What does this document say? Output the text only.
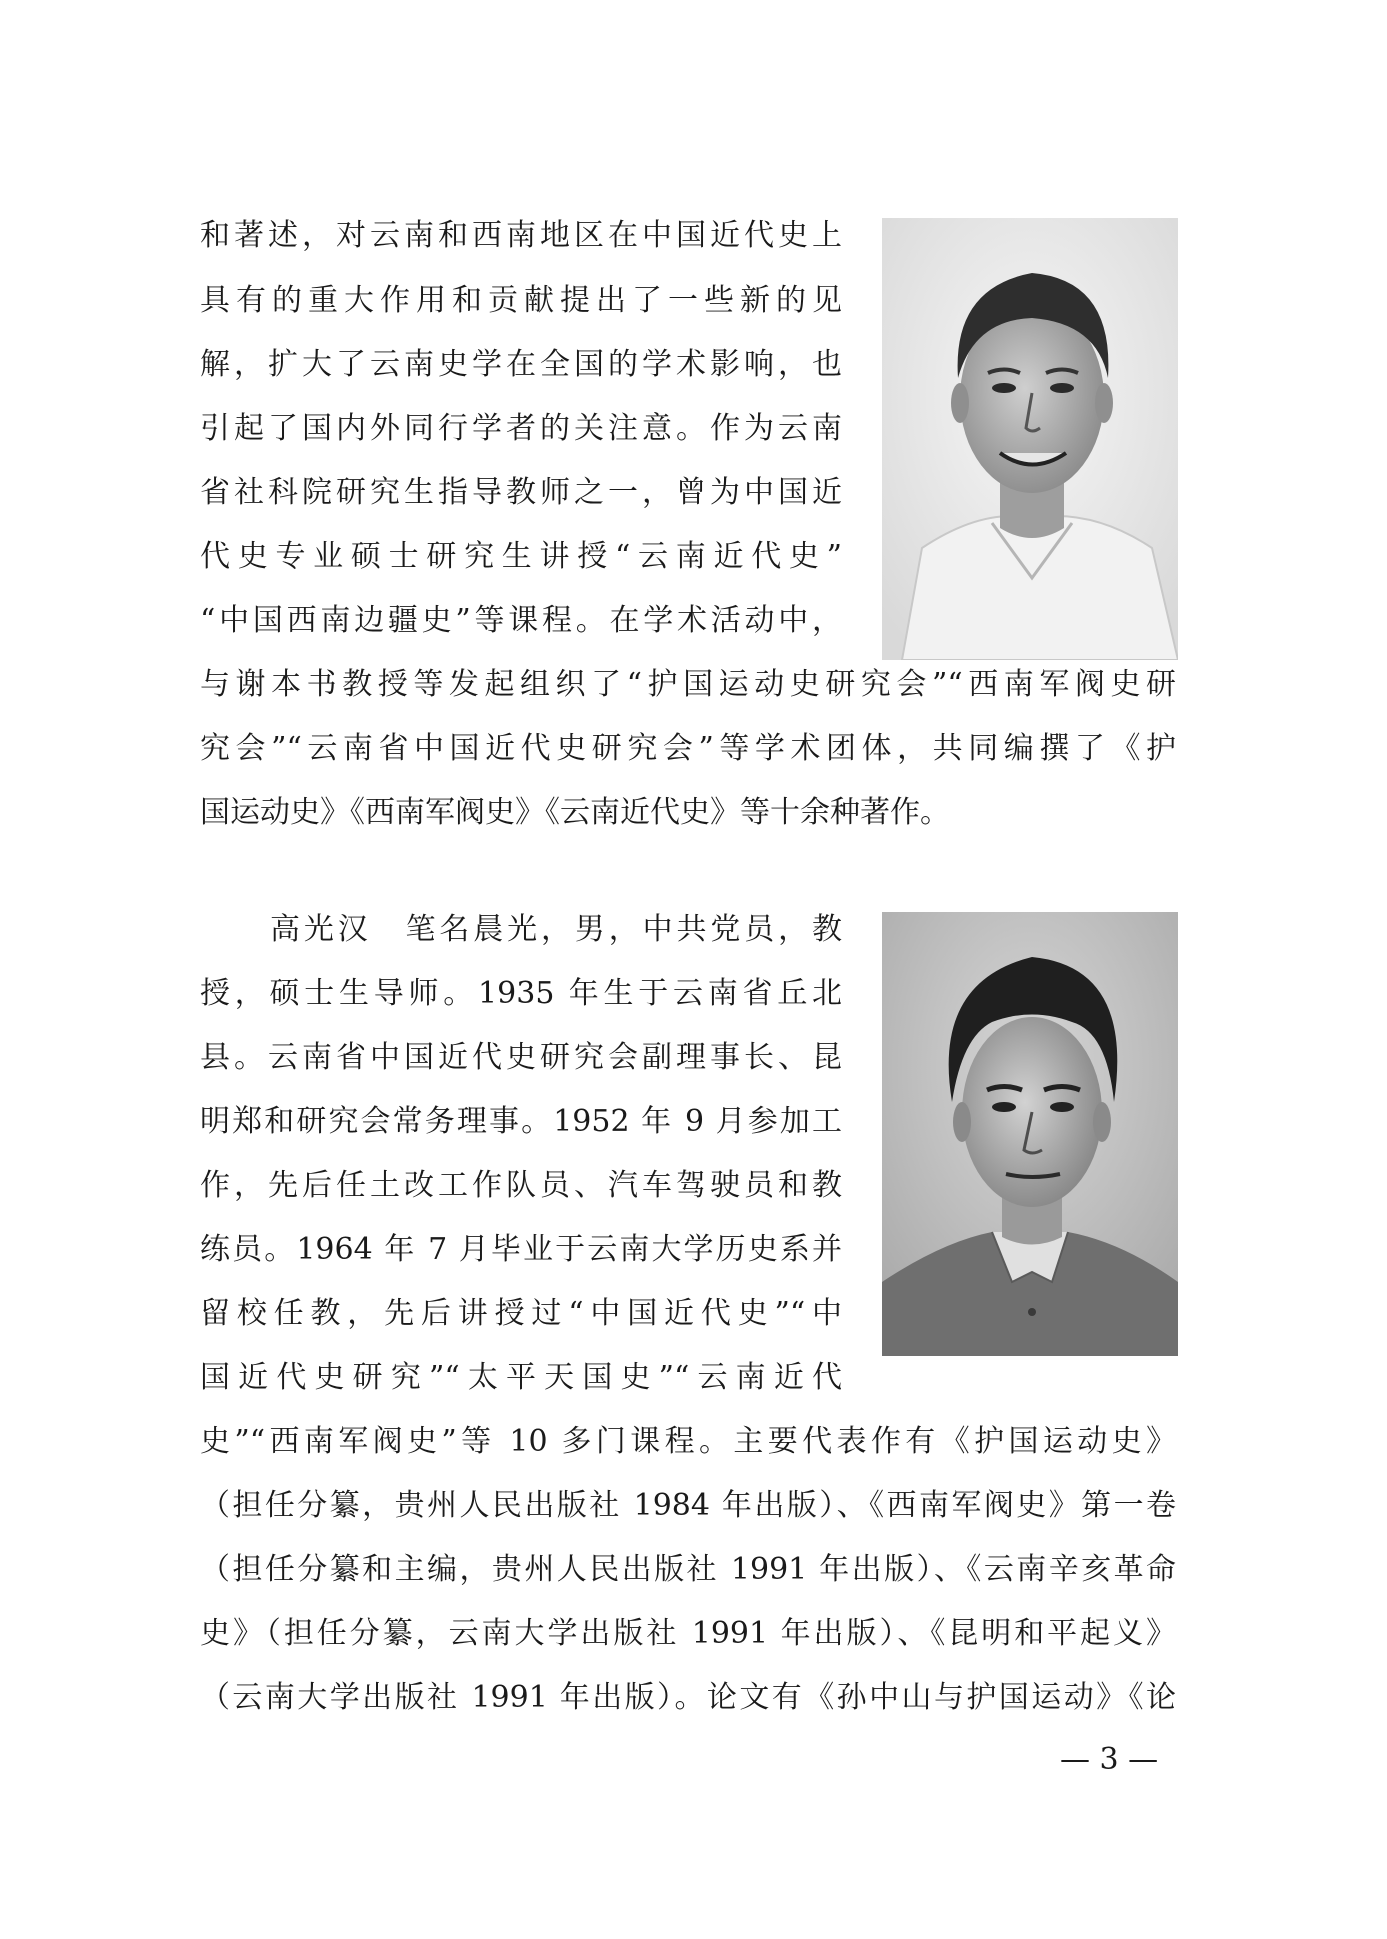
和著述，对云南和西南地区在中国近代史上
具有的重大作用和贡献提出了一些新的见
解，扩大了云南史学在全国的学术影响，也
引起了国内外同行学者的关注意。作为云南
省社科院研究生指导教师之一，曾为中国近
代史专业硕士研究生讲授“云南近代史”
“中国西南边疆史”等课程。在学术活动中，
与谢本书教授等发起组织了“护国运动史研究会”“西南军阀史研
究会”“云南省中国近代史研究会”等学术团体，共同编撰了《护
国运动史》《西南军阀史》《云南近代史》等十余种著作。
高光汉　笔名晨光，男，中共党员，教
授，硕士生导师。1935 年生于云南省丘北
县。云南省中国近代史研究会副理事长、昆
明郑和研究会常务理事。1952 年 9 月参加工
作，先后任土改工作队员、汽车驾驶员和教
练员。1964 年 7 月毕业于云南大学历史系并
留校任教，先后讲授过“中国近代史”“中
国近代史研究”“太平天国史”“云南近代
史”“西南军阀史”等 10 多门课程。主要代表作有《护国运动史》
（担任分纂，贵州人民出版社 1984 年出版）、《西南军阀史》第一卷
（担任分纂和主编，贵州人民出版社 1991 年出版）、《云南辛亥革命
史》（担任分纂，云南大学出版社 1991 年出版）、《昆明和平起义》
（云南大学出版社 1991 年出版）。论文有《孙中山与护国运动》《论
— 3 —
